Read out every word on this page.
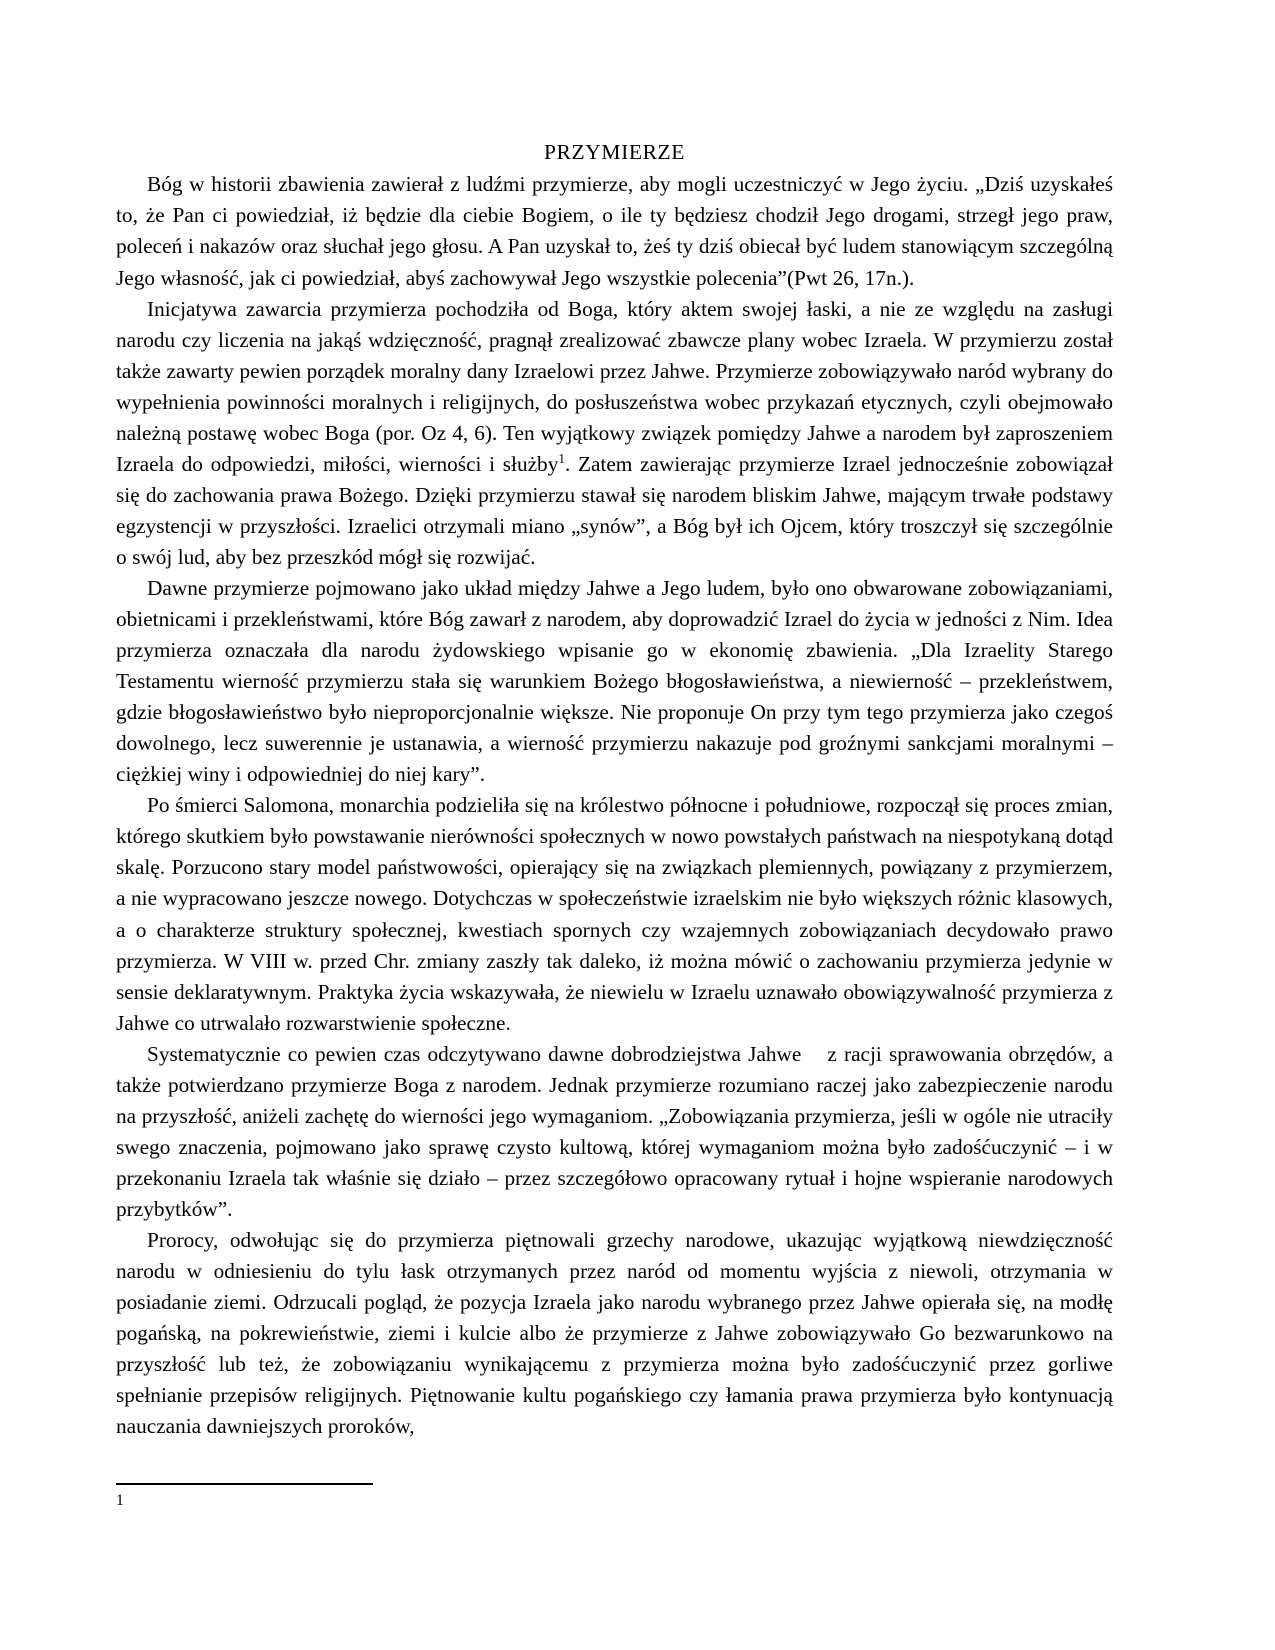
PRZYMIERZE

Bóg w historii zbawienia zawierał z ludźmi przymierze, aby mogli uczestniczyć w Jego życiu. „Dziś uzyskałeś to, że Pan ci powiedział, iż będzie dla ciebie Bogiem, o ile ty będziesz chodził Jego drogami, strzegł jego praw, poleceń i nakazów oraz słuchał jego głosu. A Pan uzyskał to, żeś ty dziś obiecał być ludem stanowiącym szczególną Jego własność, jak ci powiedział, abyś zachowywał Jego wszystkie polecenia”(Pwt 26, 17n.).

Inicjatywa zawarcia przymierza pochodziła od Boga, który aktem swojej łaski, a nie ze względu na zasługi narodu czy liczenia na jakąś wdzięczność, pragnął zrealizować zbawcze plany wobec Izraela. W przymierzu został także zawarty pewien porządek moralny dany Izraelowi przez Jahwe. Przymierze zobowiązywało naród wybrany do wypełnienia powinności moralnych i religijnych, do posłuszeństwa wobec przykazań etycznych, czyli obejmowało należną postawę wobec Boga (por. Oz 4, 6). Ten wyjątkowy związek pomiędzy Jahwe a narodem był zaproszeniem Izraela do odpowiedzi, miłości, wierności i służby$^1$. Zatem zawierając przymierze Izrael jednocześnie zobowiązał się do zachowania prawa Bożego. Dzięki przymierzu stawał się narodem bliskim Jahwe, mającym trwałe podstawy egzystencji w przyszłości. Izraelici otrzymali miano „synów”, a Bóg był ich Ojcem, który troszczył się szczególnie o swój lud, aby bez przeszkód mógł się rozwijać.

Dawne przymierze pojmowano jako układ między Jahwe a Jego ludem, było ono obwarowane zobowiązaniami, obietnicami i przekleństwami, które Bóg zawarł z narodem, aby doprowadzić Izrael do życia w jedności z Nim. Idea przymierza oznaczała dla narodu żydowskiego wpisanie go w ekonomię zbawienia. „Dla Izraelity Starego Testamentu wierność przymierzu stała się warunkiem Bożego błogosławieństwa, a niewierność – przekleństwem, gdzie błogosławieństwo było nieproporcjonalnie większe. Nie proponuje On przy tym tego przymierza jako czegoś dowolnego, lecz suwerennie je ustanawia, a wierność przymierzu nakazuje pod groźnymi sankcjami moralnymi – ciężkiej winy i odpowiedniej do niej kary”.

Po śmierci Salomona, monarchia podzieliła się na królestwo północne i południowe, rozpoczął się proces zmian, którego skutkiem było powstawanie nierówności społecznych w nowo powstałych państwach na niespotykaną dotąd skalę. Porzucono stary model państwowości, opierający się na związkach plemiennych, powiązany z przymierzem, a nie wypracowano jeszcze nowego. Dotychczas w społeczeństwie izraelskim nie było większych różnic klasowych, a o charakterze struktury społecznej, kwestiach spornych czy wzajemnych zobowiązaniach decydowało prawo przymierza. W VIII w. przed Chr. zmiany zaszły tak daleko, iż można mówić o zachowaniu przymierza jedynie w sensie deklaratywnym. Praktyka życia wskazywała, że niewielu w Izraelu uznawało obowiązywalność przymierza z Jahwe co utrwalało rozwarstwienie społeczne.

Systematycznie co pewien czas odczytywano dawne dobrodziejstwa Jahwe z racji sprawowania obrzędów, a także potwierdzano przymierze Boga z narodem. Jednak przymierze rozumiano raczej jako zabezpieczenie narodu na przyszłość, aniżeli zachętę do wierności jego wymaganiom. „Zobowiązania przymierza, jeśli w ogóle nie utraciły swego znaczenia, pojmowano jako sprawę czysto kultową, której wymaganiom można było zadośćuczynić – i w przekonaniu Izraela tak właśnie się działo – przez szczegółowo opracowany rytuał i hojne wspieranie narodowych przybytków”.

Prorocy, odwołując się do przymierza piętnowali grzechy narodowe, ukazując wyjątkową niewdzięczność narodu w odniesieniu do tylu łask otrzymanych przez naród od momentu wyjścia z niewoli, otrzymania w posiadanie ziemi. Odrzucali pogląd, że pozycja Izraela jako narodu wybranego przez Jahwe opierała się, na modłę pogańską, na pokrewieństwie, ziemi i kulcie albo że przymierze z Jahwe zobowiązywało Go bezwarunkowo na przyszłość lub też, że zobowiązaniu wynikającemu z przymierza można było zadośćuczynić przez gorliwe spełnianie przepisów religijnych. Piętnowanie kultu pogańskiego czy łamania prawa przymierza było kontynuacją nauczania dawniejszych proroków,

1
